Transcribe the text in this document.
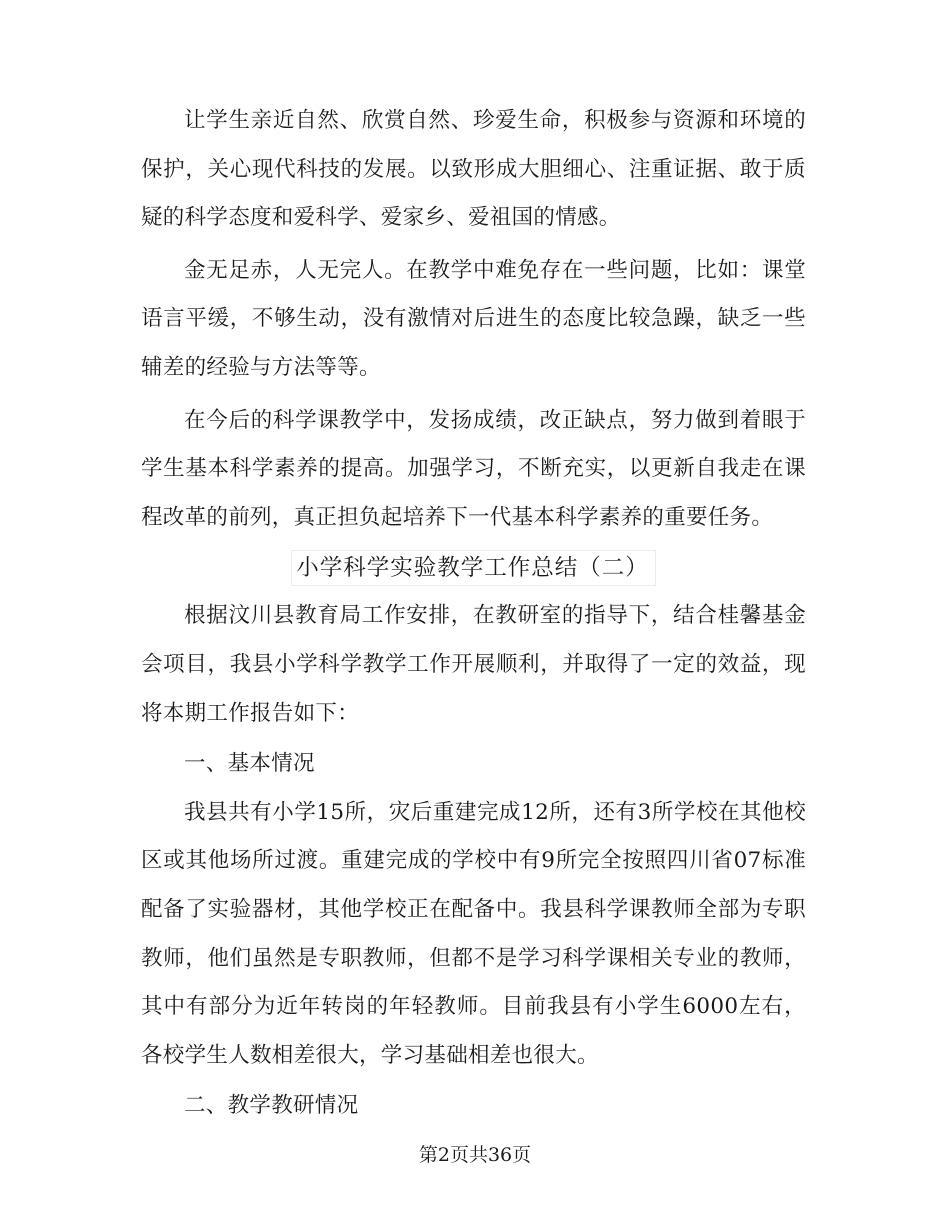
让学生亲近自然、欣赏自然、珍爱生命，积极参与资源和环境的保护，关心现代科技的发展。以致形成大胆细心、注重证据、敢于质疑的科学态度和爱科学、爱家乡、爱祖国的情感。

金无足赤，人无完人。在教学中难免存在一些问题，比如：课堂语言平缓，不够生动，没有激情对后进生的态度比较急躁，缺乏一些辅差的经验与方法等等。

在今后的科学课教学中，发扬成绩，改正缺点，努力做到着眼于学生基本科学素养的提高。加强学习，不断充实，以更新自我走在课程改革的前列，真正担负起培养下一代基本科学素养的重要任务。

小学科学实验教学工作总结（二）

根据汶川县教育局工作安排，在教研室的指导下，结合桂馨基金会项目，我县小学科学教学工作开展顺利，并取得了一定的效益，现将本期工作报告如下：

一、基本情况

我县共有小学15所，灾后重建完成12所，还有3所学校在其他校区或其他场所过渡。重建完成的学校中有9所完全按照四川省07标准配备了实验器材，其他学校正在配备中。我县科学课教师全部为专职教师，他们虽然是专职教师，但都不是学习科学课相关专业的教师，其中有部分为近年转岗的年轻教师。目前我县有小学生6000左右，各校学生人数相差很大，学习基础相差也很大。

二、教学教研情况

第2页共36页
